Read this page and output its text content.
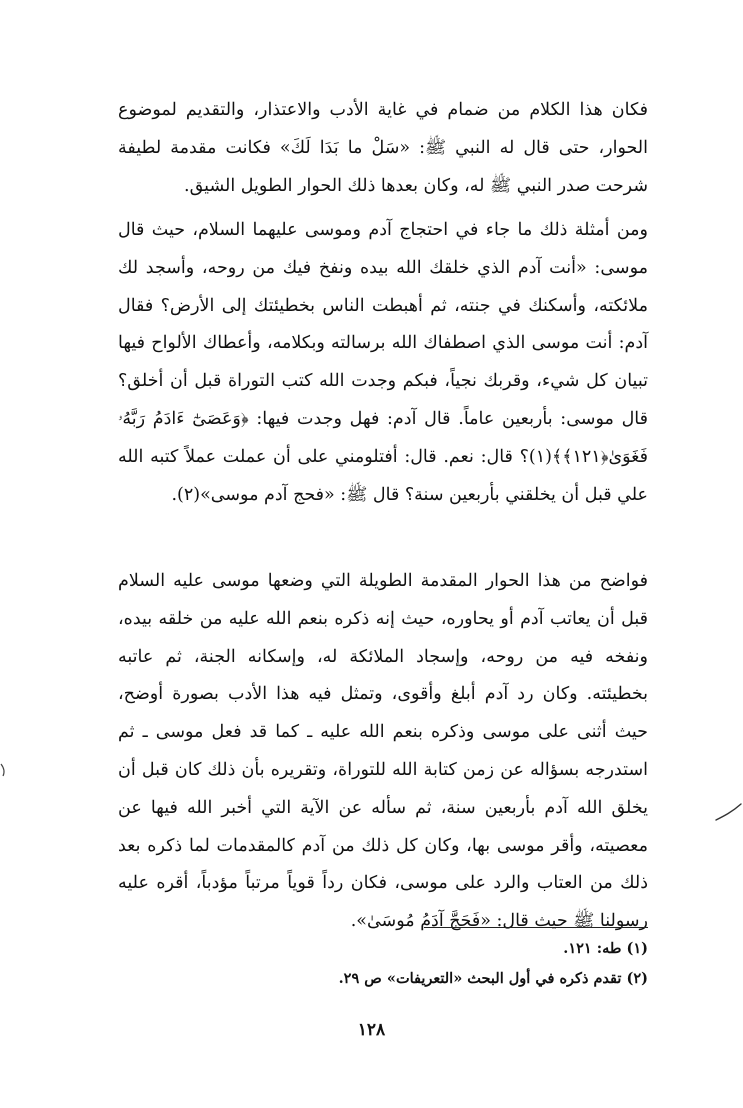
فكان هذا الكلام من ضمام في غاية الأدب والاعتذار، والتقديم لموضوع الحوار، حتى قال له النبي ﷺ: «سَلْ ما بَدَا لَكَ» فكانت مقدمة لطيفة شرحت صدر النبي ﷺ له، وكان بعدها ذلك الحوار الطويل الشيق.

ومن أمثلة ذلك ما جاء في احتجاج آدم وموسى عليهما السلام، حيث قال موسى: «أنت آدم الذي خلقك الله بيده ونفخ فيك من روحه، وأسجد لك ملائكته، وأسكنك في جنته، ثم أهبطت الناس بخطيئتك إلى الأرض؟ فقال آدم: أنت موسى الذي اصطفاك الله برسالته وبكلامه، وأعطاك الألواح فيها تبيان كل شيء، وقربك نجياً، فبكم وجدت الله كتب التوراة قبل أن أخلق؟ قال موسى: بأربعين عاماً. قال آدم: فهل وجدت فيها: ﴿وَعَصَىٰٓ ءَادَمُ رَبَّهُۥ فَغَوَىٰ﴿١٢١﴾﴾(١)؟ قال: نعم. قال: أفتلومني على أن عملت عملاً كتبه الله علي قبل أن يخلقني بأربعين سنة؟ قال ﷺ: «فحج آدم موسى»(٢).

فواضح من هذا الحوار المقدمة الطويلة التي وضعها موسى عليه السلام قبل أن يعاتب آدم أو يحاوره، حيث إنه ذكره بنعم الله عليه من خلقه بيده، ونفخه فيه من روحه، وإسجاد الملائكة له، وإسكانه الجنة، ثم عاتبه بخطيئته. وكان رد آدم أبلغ وأقوى، وتمثل فيه هذا الأدب بصورة أوضح، حيث أثنى على موسى وذكره بنعم الله عليه ـ كما قد فعل موسى ـ ثم استدرجه بسؤاله عن زمن كتابة الله للتوراة، وتقريره بأن ذلك كان قبل أن يخلق الله آدم بأربعين سنة، ثم سأله عن الآية التي أخبر الله فيها عن معصيته، وأقر موسى بها، وكان كل ذلك من آدم كالمقدمات لما ذكره بعد ذلك من العتاب والرد على موسى، فكان رداً قوياً مرتباً مؤدباً، أقره عليه رسولنا ﷺ حيث قال: «فَحَجَّ آدَمُ مُوسَىٰ».

(١) طه: ١٢١.
(٢) تقدم ذكره في أول البحث «التعريفات» ص ٢٩.
١٢٨
